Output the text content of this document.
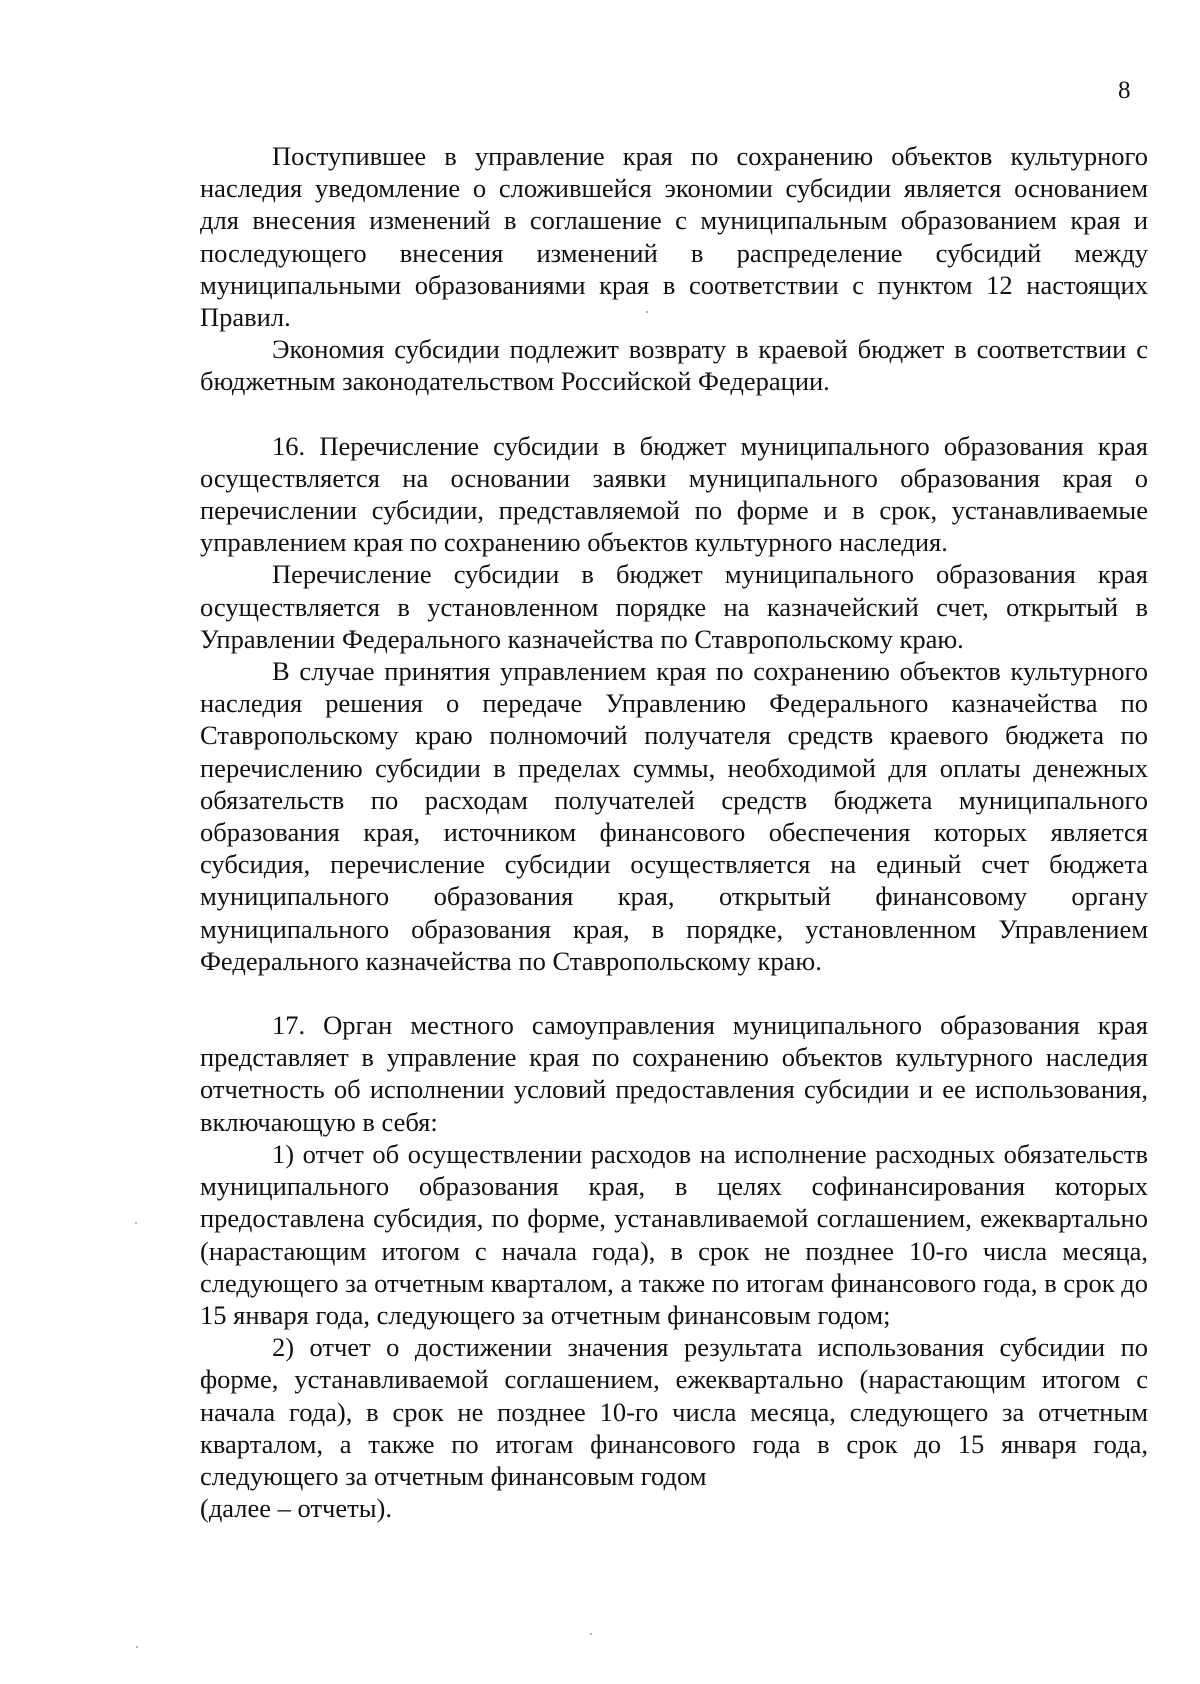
8

Поступившее в управление края по сохранению объектов культурного наследия уведомление о сложившейся экономии субсидии является основанием для внесения изменений в соглашение с муниципальным образованием края и последующего внесения изменений в распределение субсидий между муниципальными образованиями края в соответствии с пунктом 12 настоящих Правил.

Экономия субсидии подлежит возврату в краевой бюджет в соответствии с бюджетным законодательством Российской Федерации.

16. Перечисление субсидии в бюджет муниципального образования края осуществляется на основании заявки муниципального образования края о перечислении субсидии, представляемой по форме и в срок, устанавливаемые управлением края по сохранению объектов культурного наследия.

Перечисление субсидии в бюджет муниципального образования края осуществляется в установленном порядке на казначейский счет, открытый в Управлении Федерального казначейства по Ставропольскому краю.

В случае принятия управлением края по сохранению объектов культурного наследия решения о передаче Управлению Федерального казначейства по Ставропольскому краю полномочий получателя средств краевого бюджета по перечислению субсидии в пределах суммы, необходимой для оплаты денежных обязательств по расходам получателей средств бюджета муниципального образования края, источником финансового обеспечения которых является субсидия, перечисление субсидии осуществляется на единый счет бюджета муниципального образования края, открытый финансовому органу муниципального образования края, в порядке, установленном Управлением Федерального казначейства по Ставропольскому краю.

17. Орган местного самоуправления муниципального образования края представляет в управление края по сохранению объектов культурного наследия отчетность об исполнении условий предоставления субсидии и ее использования, включающую в себя:

1) отчет об осуществлении расходов на исполнение расходных обязательств муниципального образования края, в целях софинансирования которых предоставлена субсидия, по форме, устанавливаемой соглашением, ежеквартально (нарастающим итогом с начала года), в срок не позднее 10-го числа месяца, следующего за отчетным кварталом, а также по итогам финансового года, в срок до 15 января года, следующего за отчетным финансовым годом;

2) отчет о достижении значения результата использования субсидии по форме, устанавливаемой соглашением, ежеквартально (нарастающим итогом с начала года), в срок не позднее 10-го числа месяца, следующего за отчетным кварталом, а также по итогам финансового года в срок до 15 января года, следующего за отчетным финансовым годом

(далее – отчеты).
